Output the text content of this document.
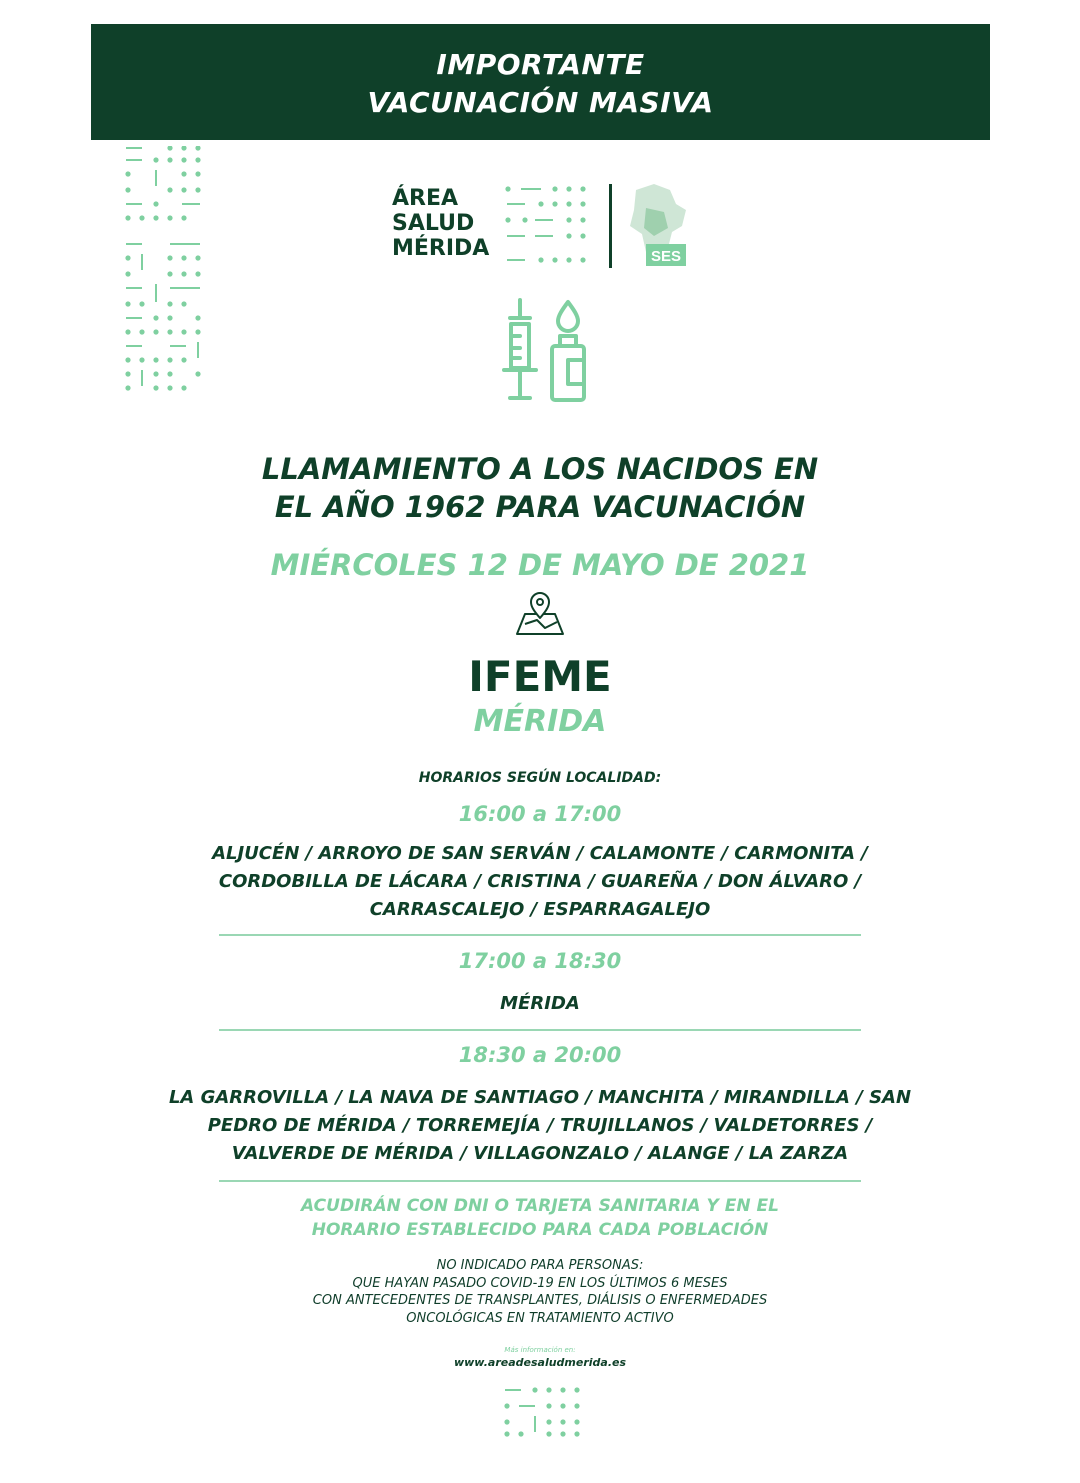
IMPORTANTE
VACUNACIÓN MASIVA
ÁREA
SALUD
MÉRIDA	SES
LLAMAMIENTO A LOS NACIDOS EN
EL AÑO 1962 PARA VACUNACIÓN
MIÉRCOLES 12 DE MAYO DE 2021
IFEME
MÉRIDA
HORARIOS SEGÚN LOCALIDAD:
16:00 a 17:00
ALJUCÉN / ARROYO DE SAN SERVÁN / CALAMONTE / CARMONITA /
CORDOBILLA DE LÁCARA / CRISTINA / GUAREÑA / DON ÁLVARO /
CARRASCALEJO / ESPARRAGALEJO
17:00 a 18:30
MÉRIDA
18:30 a 20:00
LA GARROVILLA / LA NAVA DE SANTIAGO / MANCHITA / MIRANDILLA / SAN
PEDRO DE MÉRIDA / TORREMEJÍA / TRUJILLANOS / VALDETORRES /
VALVERDE DE MÉRIDA / VILLAGONZALO / ALANGE / LA ZARZA
ACUDIRÁN CON DNI O TARJETA SANITARIA Y EN EL
HORARIO ESTABLECIDO PARA CADA POBLACIÓN
NO INDICADO PARA PERSONAS:
QUE HAYAN PASADO COVID-19 EN LOS ÚLTIMOS 6 MESES
CON ANTECEDENTES DE TRANSPLANTES, DIÁLISIS O ENFERMEDADES
ONCOLÓGICAS EN TRATAMIENTO ACTIVO
Más información en:
www.areadesaludmerida.es
